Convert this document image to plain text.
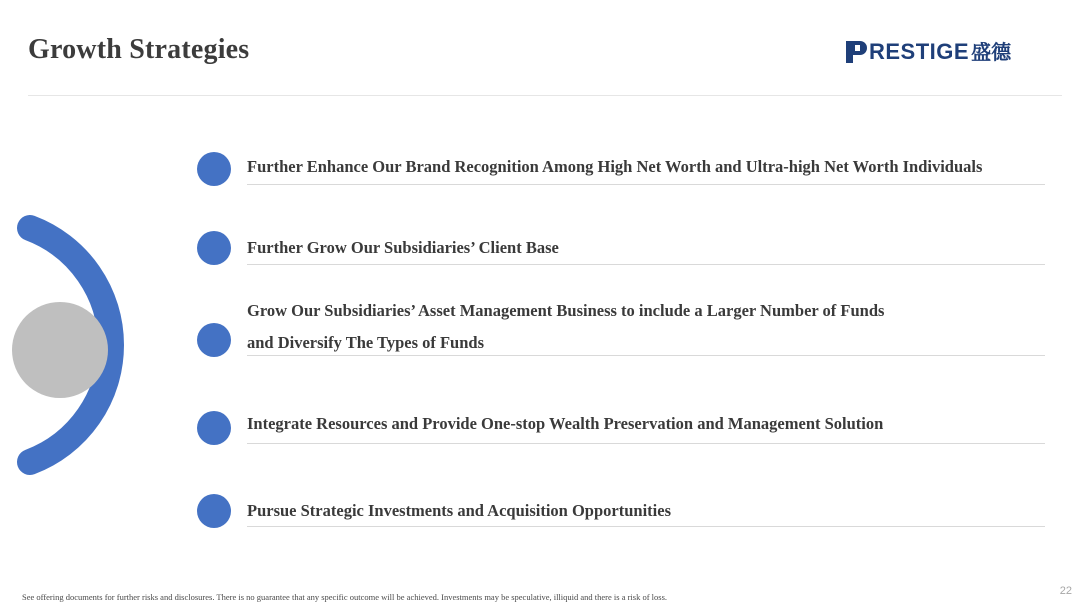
Growth Strategies	RESTIGE 盛德
Further Enhance Our Brand Recognition Among High Net Worth and Ultra-high Net Worth Individuals
Further Grow Our Subsidiaries’ Client Base
Grow Our Subsidiaries’ Asset Management Business to include a Larger Number of Funds
and Diversify The Types of Funds
Integrate Resources and Provide One-stop Wealth Preservation and Management Solution
Pursue Strategic Investments and Acquisition Opportunities
See offering documents for further risks and disclosures. There is no guarantee that any specific outcome will be achieved. Investments may be speculative, illiquid and there is a risk of loss.	22
